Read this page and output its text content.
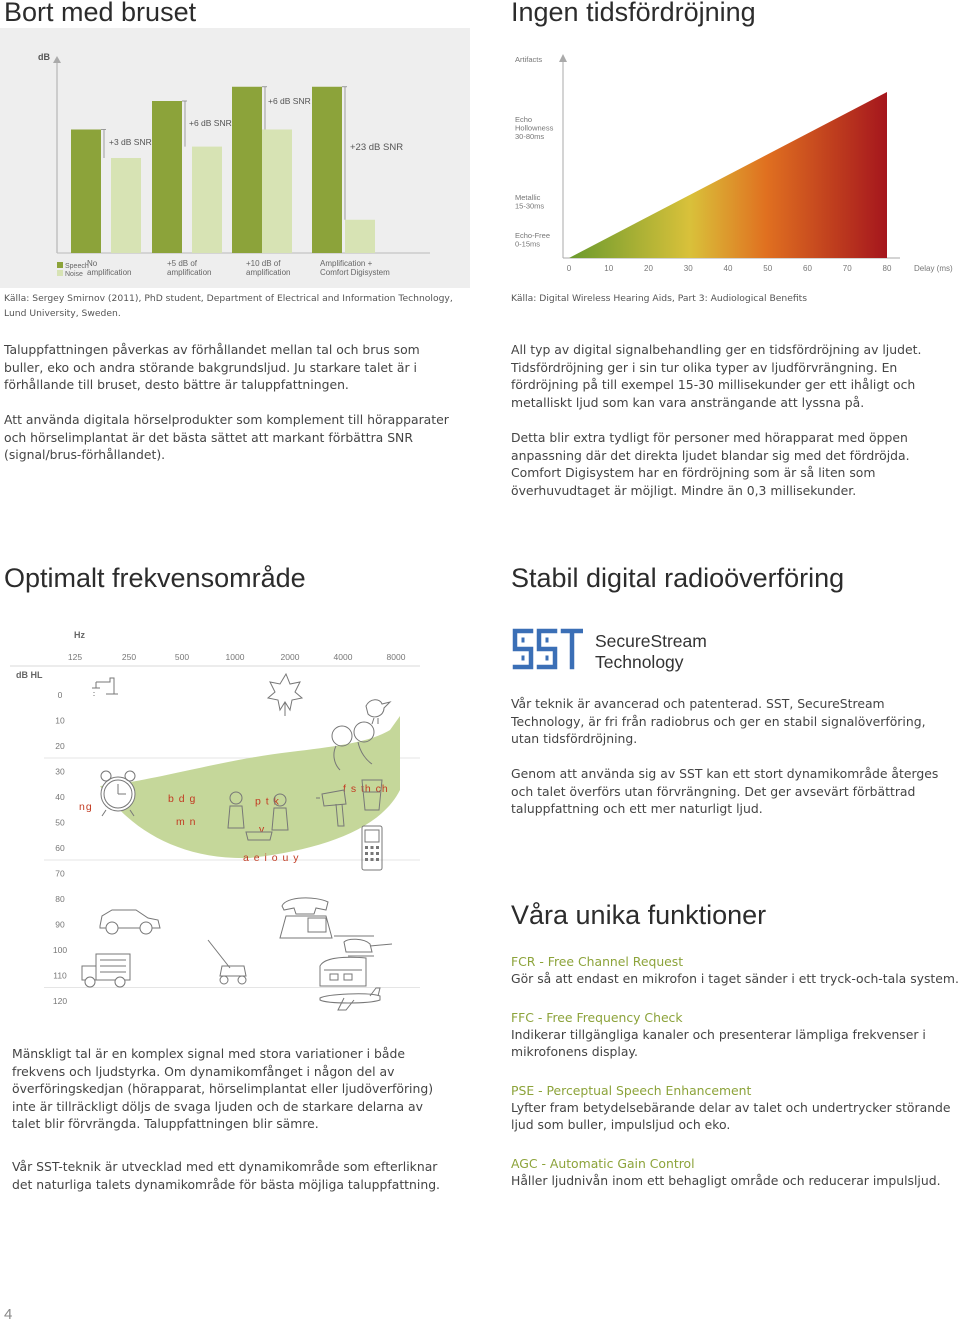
Bort med bruset
dB
+3 dB SNR
+6 dB SNR
+6 dB SNR
+23 dB SNR
Speech
Noise
No
amplification
+5 dB of
amplification
+10 dB of
amplification
Amplification +
Comfort Digisystem
Källa: Sergey Smirnov (2011), PhD student, Department of Electrical and Information Technology, Lund University, Sweden.
Taluppfattningen påverkas av förhållandet mellan tal och brus som buller, eko och andra störande bakgrundsljud. Ju starkare talet är i förhållande till bruset, desto bättre är taluppfattningen.
Att använda digitala hörselprodukter som komplement till hörapparater och hörselimplantat är det bästa sättet att markant förbättra SNR (signal/brus-förhållandet).
Ingen tidsfördröjning
Artifacts
Echo
Hollowness
30-80ms
Metallic
15-30ms
Echo-Free
0-15ms
0	10	20	30	40	50	60	70	80	Delay (ms)
Källa: Digital Wireless Hearing Aids, Part 3: Audiological Benefits
All typ av digital signalbehandling ger en tidsfördröjning av ljudet. Tidsfördröjning ger i sin tur olika typer av ljudförvrängning. En fördröjning på till exempel 15-30 millisekunder ger ett ihåligt och metalliskt ljud som kan vara ansträngande att lyssna på.
Detta blir extra tydligt för personer med hörapparat med öppen anpassning där det direkta ljudet blandar sig med det fördröjda. Comfort Digisystem har en fördröjning som är så liten som överhuvudtaget är möjligt. Mindre än 0,3 millisekunder.
Optimalt frekvensområde
Hz
dB HL
125	250	500	1000	2000	4000	8000
0
10
20
30
40
50
60
70
80
90
100
110
120
ng
m n
b d g	p t k
v
f s th ch
a e i o u y
Mänskligt tal är en komplex signal med stora variationer i både frekvens och ljudstyrka. Om dynamikomfånget i någon del av överföringskedjan (hörapparat, hörselimplantat eller ljudöverföring) inte är tillräckligt döljs de svaga ljuden och de starkare delarna av talet blir förvrängda. Taluppfattningen blir sämre.
Vår SST-teknik är utvecklad med ett dynamikområde som efterliknar det naturliga talets dynamikområde för bästa möjliga taluppfattning.
Stabil digital radioöverföring
SecureStream
Technology
Vår teknik är avancerad och patenterad. SST, SecureStream Technology, är fri från radiobrus och ger en stabil signalöverföring, utan tidsfördröjning.
Genom att använda sig av SST kan ett stort dynamikområde återges och talet överförs utan förvrängning. Det ger avsevärt förbättrad taluppfattning och ett mer naturligt ljud.
Våra unika funktioner
FCR - Free Channel Request
Gör så att endast en mikrofon i taget sänder i ett tryck-och-tala system.
FFC - Free Frequency Check
Indikerar tillgängliga kanaler och presenterar lämpliga frekvenser i mikrofonens display.
PSE - Perceptual Speech Enhancement
Lyfter fram betydelsebärande delar av talet och undertrycker störande ljud som buller, impulsljud och eko.
AGC - Automatic Gain Control
Håller ljudnivån inom ett behagligt område och reducerar impulsljud.
4
